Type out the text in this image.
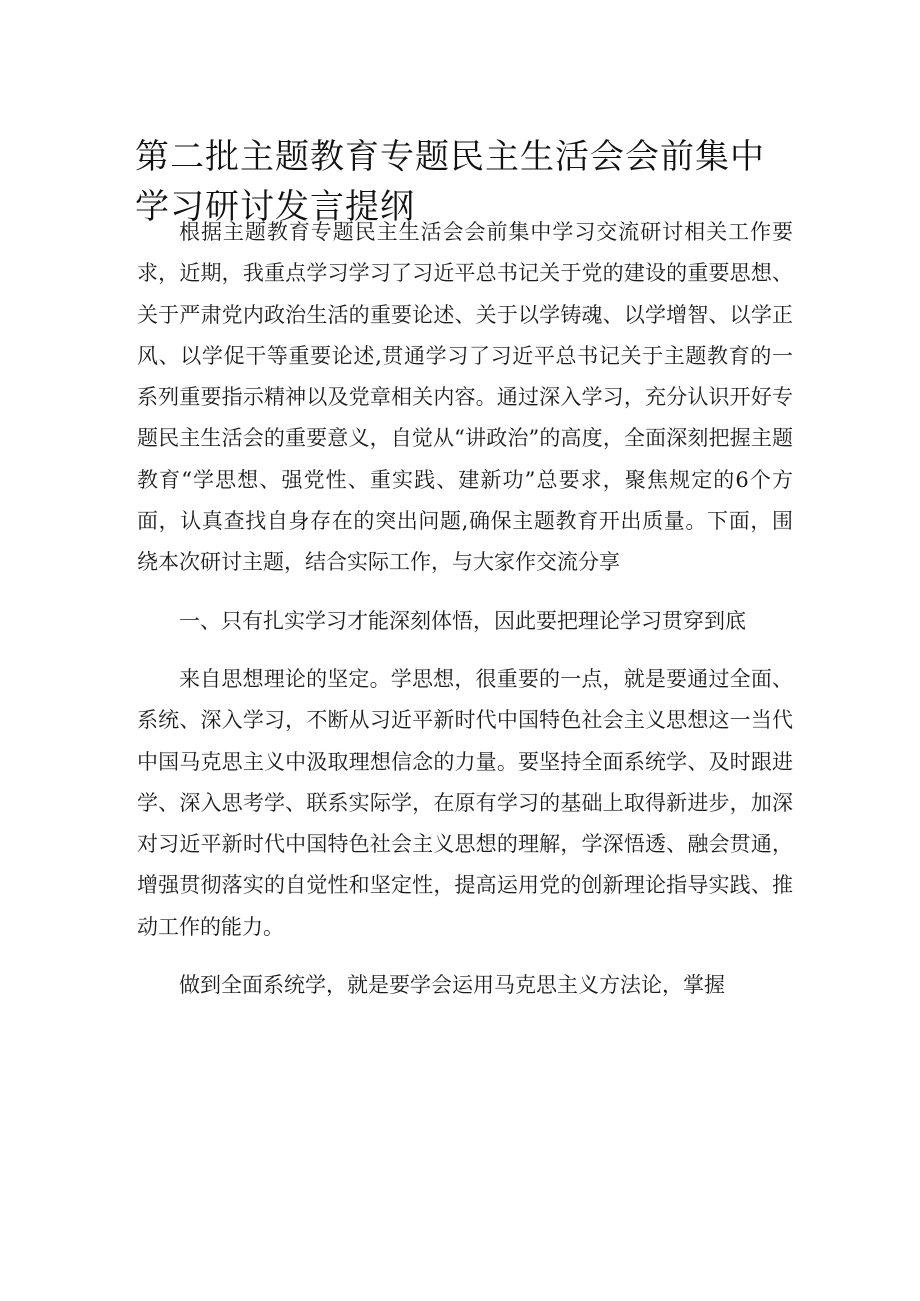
第二批主题教育专题民主生活会会前集中学习研讨发言提纲

根据主题教育专题民主生活会会前集中学习交流研讨相关工作要求，近期，我重点学习学习了习近平总书记关于党的建设的重要思想、关于严肃党内政治生活的重要论述、关于以学铸魂、以学增智、以学正风、以学促干等重要论述,贯通学习了习近平总书记关于主题教育的一系列重要指示精神以及党章相关内容。通过深入学习，充分认识开好专题民主生活会的重要意义，自觉从“讲政治”的高度，全面深刻把握主题教育“学思想、强党性、重实践、建新功”总要求，聚焦规定的6个方面，认真查找自身存在的突出问题,确保主题教育开出质量。下面，围绕本次研讨主题，结合实际工作，与大家作交流分享

一、只有扎实学习才能深刻体悟，因此要把理论学习贯穿到底

来自思想理论的坚定。学思想，很重要的一点，就是要通过全面、系统、深入学习，不断从习近平新时代中国特色社会主义思想这一当代中国马克思主义中汲取理想信念的力量。要坚持全面系统学、及时跟进学、深入思考学、联系实际学，在原有学习的基础上取得新进步，加深对习近平新时代中国特色社会主义思想的理解，学深悟透、融会贯通，增强贯彻落实的自觉性和坚定性，提高运用党的创新理论指导实践、推动工作的能力。

做到全面系统学，就是要学会运用马克思主义方法论，掌握
